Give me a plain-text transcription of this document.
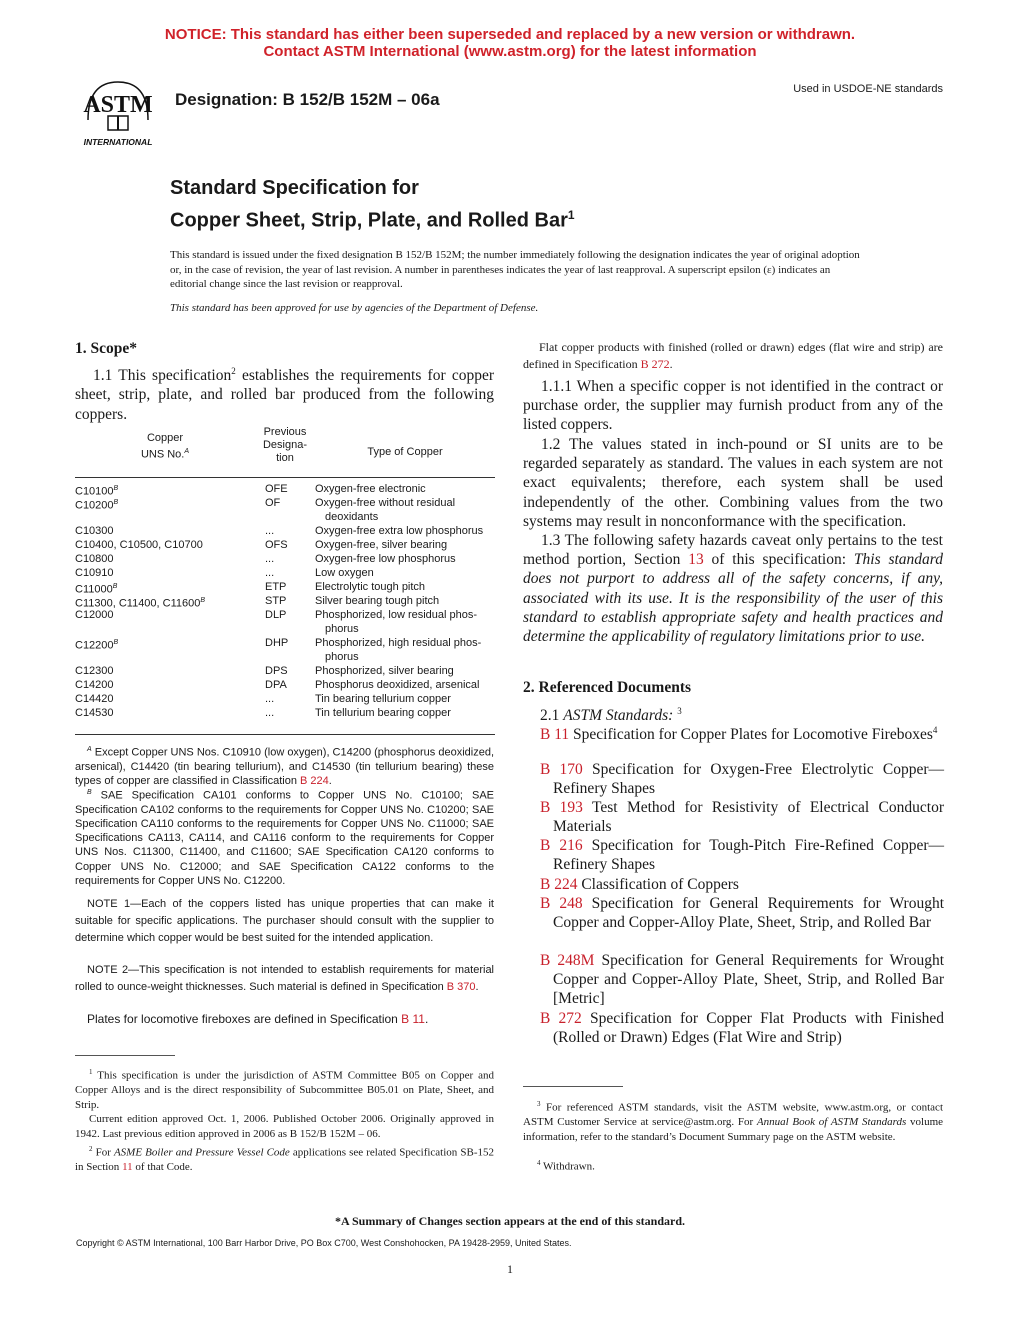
NOTICE: This standard has either been superseded and replaced by a new version or withdrawn.
Contact ASTM International (www.astm.org) for the latest information
ASTM
INTERNATIONAL
Designation: B 152/B 152M – 06a
Used in USDOE-NE standards
Standard Specification for
Copper Sheet, Strip, Plate, and Rolled Bar$^1$
This standard is issued under the fixed designation B 152/B 152M; the number immediately following the designation indicates the year of original adoption or, in the case of revision, the year of last revision. A number in parentheses indicates the year of last reapproval. A superscript epsilon (ε) indicates an editorial change since the last revision or reapproval.
This standard has been approved for use by agencies of the Department of Defense.
1. Scope*
1.1 This specification$^2$ establishes the requirements for copper sheet, strip, plate, and rolled bar produced from the following coppers.
Copper
UNS No.$^A$
Previous
Designa-
tion	Type of Copper
$C10100^B$	OFE	Oxygen-free electronic
$C10200^B$	OF	Oxygen-free without residual
deoxidants
C10300	...	Oxygen-free extra low phosphorus
C10400, C10500, C10700	OFS	Oxygen-free, silver bearing
C10800	...	Oxygen-free low phosphorus
C10910	...	Low oxygen
$C11000^B$	ETP	Electrolytic tough pitch
C11300, C11400, $C11600^B$	STP	Silver bearing tough pitch
C12000	DLP	Phosphorized, low residual phos-
phorus
$C12200^B$	DHP	Phosphorized, high residual phos-
phorus
C12300	DPS	Phosphorized, silver bearing
C14200	DPA	Phosphorus deoxidized, arsenical
C14420	...	Tin bearing tellurium copper
C14530	...	Tin tellurium bearing copper
$^A$ Except Copper UNS Nos. C10910 (low oxygen), C14200 (phosphorus deoxidized, arsenical), C14420 (tin bearing tellurium), and C14530 (tin tellurium bearing) these types of copper are classified in Classification B 224.
$^B$ SAE Specification CA101 conforms to Copper UNS No. C10100; SAE Specification CA102 conforms to the requirements for Copper UNS No. C10200; SAE Specification CA110 conforms to the requirements for Copper UNS No. C11000; SAE Specifications CA113, CA114, and CA116 conform to the requirements for Copper UNS Nos. C11300, C11400, and C11600; SAE Specification CA120 conforms to Copper UNS No. C12000; and SAE Specification CA122 conforms to the requirements for Copper UNS No. C12200.
NOTE 1—Each of the coppers listed has unique properties that can make it suitable for specific applications. The purchaser should consult with the supplier to determine which copper would be best suited for the intended application.
NOTE 2—This specification is not intended to establish requirements for material rolled to ounce-weight thicknesses. Such material is defined in Specification B 370.
Plates for locomotive fireboxes are defined in Specification B 11.
$^1$ This specification is under the jurisdiction of ASTM Committee B05 on Copper and Copper Alloys and is the direct responsibility of Subcommittee B05.01 on Plate, Sheet, and Strip.
Current edition approved Oct. 1, 2006. Published October 2006. Originally approved in 1942. Last previous edition approved in 2006 as B 152/B 152M – 06.
$^2$ For ASME Boiler and Pressure Vessel Code applications see related Specification SB-152 in Section 11 of that Code.
Flat copper products with finished (rolled or drawn) edges (flat wire and strip) are defined in Specification B 272.
1.1.1 When a specific copper is not identified in the contract or purchase order, the supplier may furnish product from any of the listed coppers.
1.2 The values stated in inch-pound or SI units are to be regarded separately as standard. The values in each system are not exact equivalents; therefore, each system shall be used independently of the other. Combining values from the two systems may result in nonconformance with the specification.
1.3 The following safety hazards caveat only pertains to the test method portion, Section 13 of this specification: This standard does not purport to address all of the safety concerns, if any, associated with its use. It is the responsibility of the user of this standard to establish appropriate safety and health practices and determine the applicability of regulatory limitations prior to use.
2. Referenced Documents
2.1 ASTM Standards: $^3$
B 11 Specification for Copper Plates for Locomotive Fireboxes$^4$
B 170 Specification for Oxygen-Free Electrolytic Copper—Refinery Shapes
B 193 Test Method for Resistivity of Electrical Conductor Materials
B 216 Specification for Tough-Pitch Fire-Refined Copper—Refinery Shapes
B 224 Classification of Coppers
B 248 Specification for General Requirements for Wrought Copper and Copper-Alloy Plate, Sheet, Strip, and Rolled Bar
B 248M Specification for General Requirements for Wrought Copper and Copper-Alloy Plate, Sheet, Strip, and Rolled Bar [Metric]
B 272 Specification for Copper Flat Products with Finished (Rolled or Drawn) Edges (Flat Wire and Strip)
$^3$ For referenced ASTM standards, visit the ASTM website, www.astm.org, or contact ASTM Customer Service at service@astm.org. For Annual Book of ASTM Standards volume information, refer to the standard’s Document Summary page on the ASTM website.
$^4$ Withdrawn.
*A Summary of Changes section appears at the end of this standard.
Copyright © ASTM International, 100 Barr Harbor Drive, PO Box C700, West Conshohocken, PA 19428-2959, United States.
1
